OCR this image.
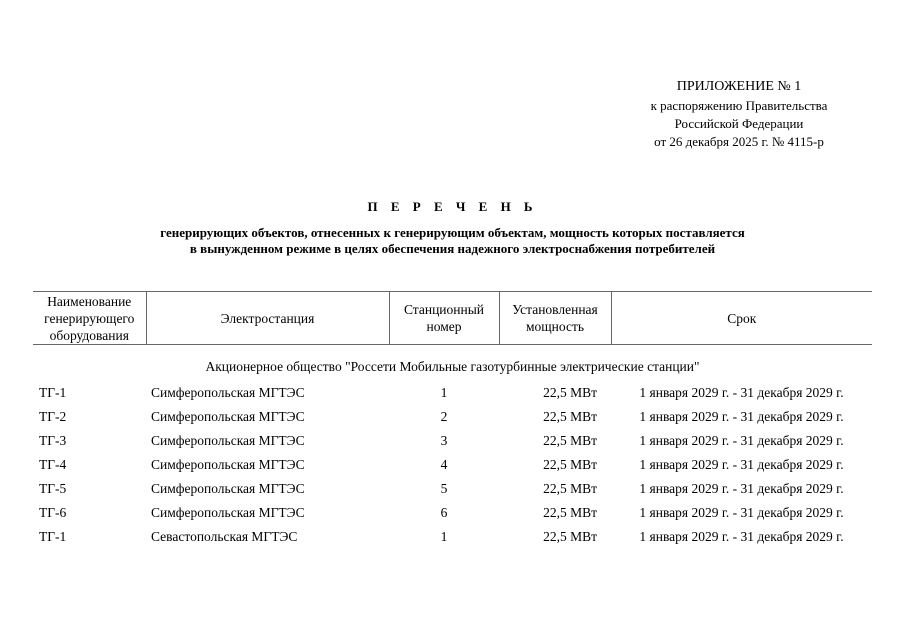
ПРИЛОЖЕНИЕ № 1
к распоряжению Правительства
Российской Федерации
от 26 декабря 2025 г. № 4115-р
П Е Р Е Ч Е Н Ь
генерирующих объектов, отнесенных к генерирующим объектам, мощность которых поставляется
в вынужденном режиме в целях обеспечения надежного электроснабжения потребителей
Наименование генерирующего оборудования	Электростанция	Станционный номер	Установленная мощность	Срок
Акционерное общество "Россети Мобильные газотурбинные электрические станции"				
ТГ-1	Симферопольская МГТЭС	1	22,5 МВт	1 января 2029 г. - 31 декабря 2029 г.
ТГ-2	Симферопольская МГТЭС	2	22,5 МВт	1 января 2029 г. - 31 декабря 2029 г.
ТГ-3	Симферопольская МГТЭС	3	22,5 МВт	1 января 2029 г. - 31 декабря 2029 г.
ТГ-4	Симферопольская МГТЭС	4	22,5 МВт	1 января 2029 г. - 31 декабря 2029 г.
ТГ-5	Симферопольская МГТЭС	5	22,5 МВт	1 января 2029 г. - 31 декабря 2029 г.
ТГ-6	Симферопольская МГТЭС	6	22,5 МВт	1 января 2029 г. - 31 декабря 2029 г.
ТГ-1	Севастопольская МГТЭС	1	22,5 МВт	1 января 2029 г. - 31 декабря 2029 г.
